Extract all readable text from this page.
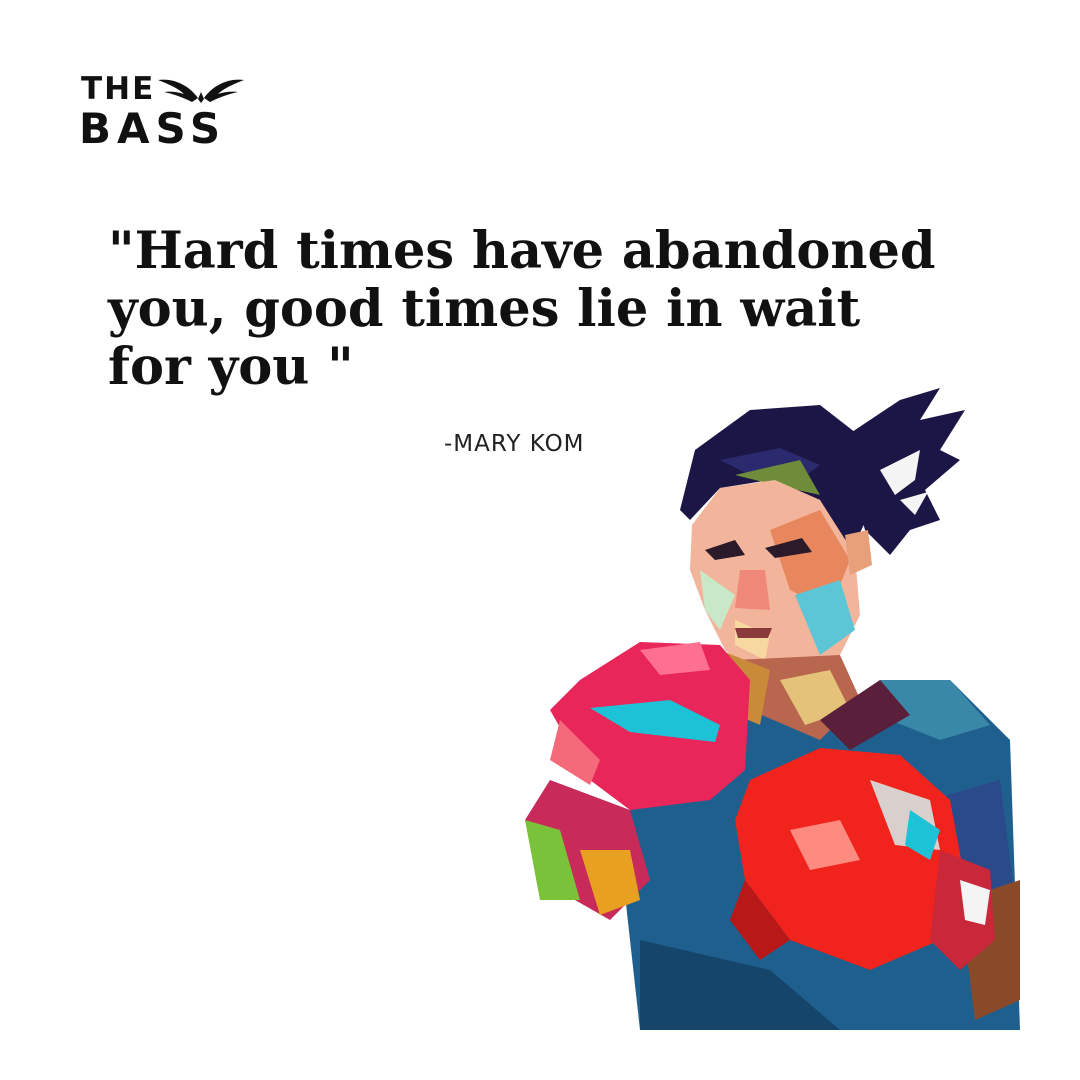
THE
BASS

"Hard times have abandoned
you, good times lie in wait
for you "

-MARY KOM
